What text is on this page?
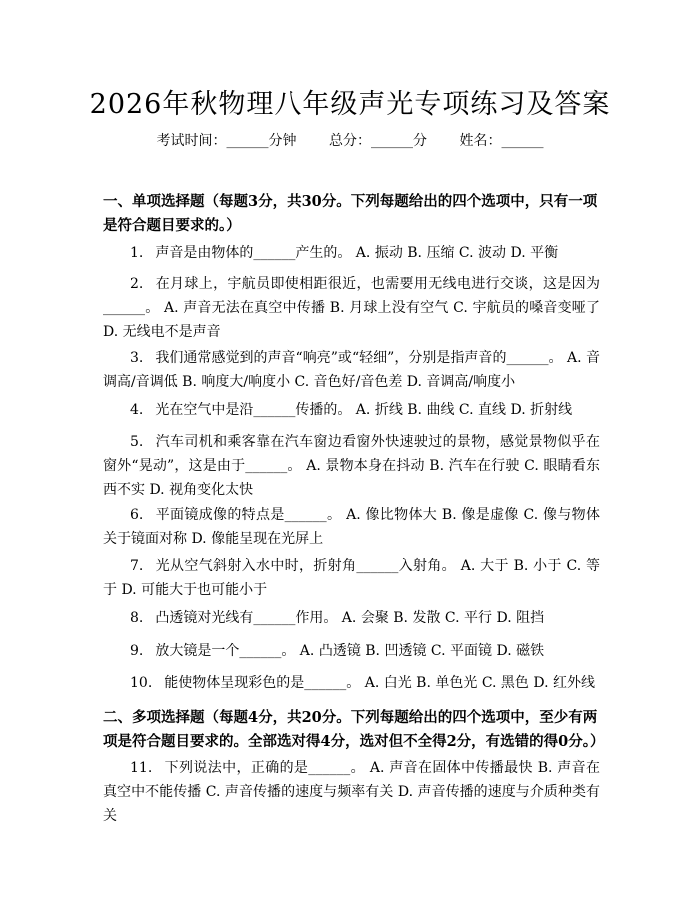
2026年秋物理八年级声光专项练习及答案
考试时间：______分钟 总分：______分 姓名：______
一、单项选择题（每题3分，共30分。下列每题给出的四个选项中，只有一项是符合题目要求的。）
1. 声音是由物体的______产生的。 A. 振动 B. 压缩 C. 波动 D. 平衡
2. 在月球上，宇航员即使相距很近，也需要用无线电进行交谈，这是因为______。 A. 声音无法在真空中传播 B. 月球上没有空气 C. 宇航员的嗓音变哑了 D. 无线电不是声音
3. 我们通常感觉到的声音“响亮”或“轻细”，分别是指声音的______。 A. 音调高/音调低 B. 响度大/响度小 C. 音色好/音色差 D. 音调高/响度小
4. 光在空气中是沿______传播的。 A. 折线 B. 曲线 C. 直线 D. 折射线
5. 汽车司机和乘客靠在汽车窗边看窗外快速驶过的景物，感觉景物似乎在窗外“晃动”，这是由于______。 A. 景物本身在抖动 B. 汽车在行驶 C. 眼睛看东西不实 D. 视角变化太快
6. 平面镜成像的特点是______。 A. 像比物体大 B. 像是虚像 C. 像与物体关于镜面对称 D. 像能呈现在光屏上
7. 光从空气斜射入水中时，折射角______入射角。 A. 大于 B. 小于 C. 等于 D. 可能大于也可能小于
8. 凸透镜对光线有______作用。 A. 会聚 B. 发散 C. 平行 D. 阻挡
9. 放大镜是一个______。 A. 凸透镜 B. 凹透镜 C. 平面镜 D. 磁铁
10. 能使物体呈现彩色的是______。 A. 白光 B. 单色光 C. 黑色 D. 红外线
二、多项选择题（每题4分，共20分。下列每题给出的四个选项中，至少有两项是符合题目要求的。全部选对得4分，选对但不全得2分，有选错的得0分。）
11. 下列说法中，正确的是______。 A. 声音在固体中传播最快 B. 声音在真空中不能传播 C. 声音传播的速度与频率有关 D. 声音传播的速度与介质种类有关
